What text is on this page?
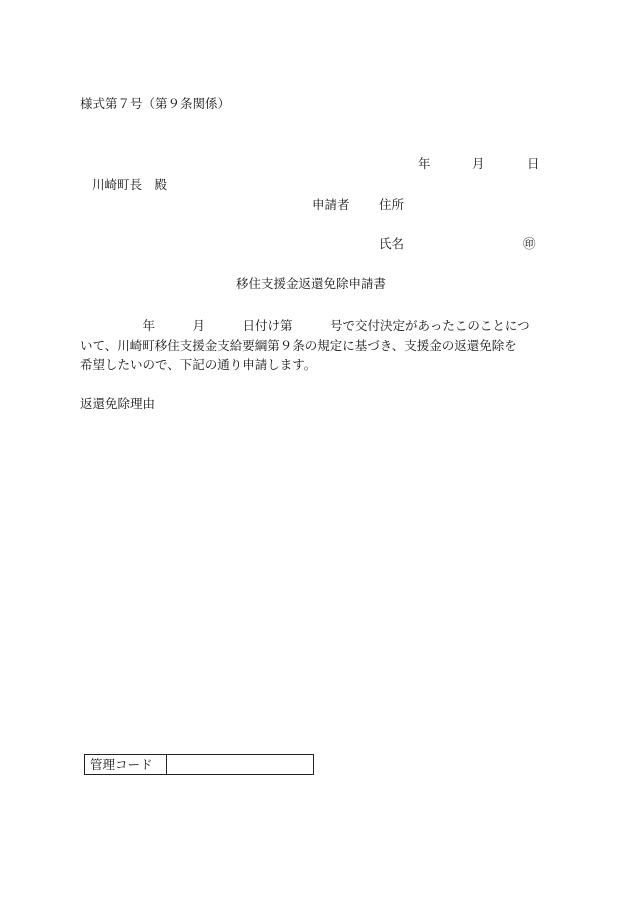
様式第７号（第９条関係）
年	月	日
川崎町長　殿
申請者 住所
氏名	㊞
移住支援金返還免除申請書
　　　　　年　　　月　　　日付け第　　　号で交付決定があったこのことにつ
いて、川崎町移住支援金支給要綱第９条の規定に基づき、支援金の返還免除を
希望したいので、下記の通り申請します。
返還免除理由
管理コード	
